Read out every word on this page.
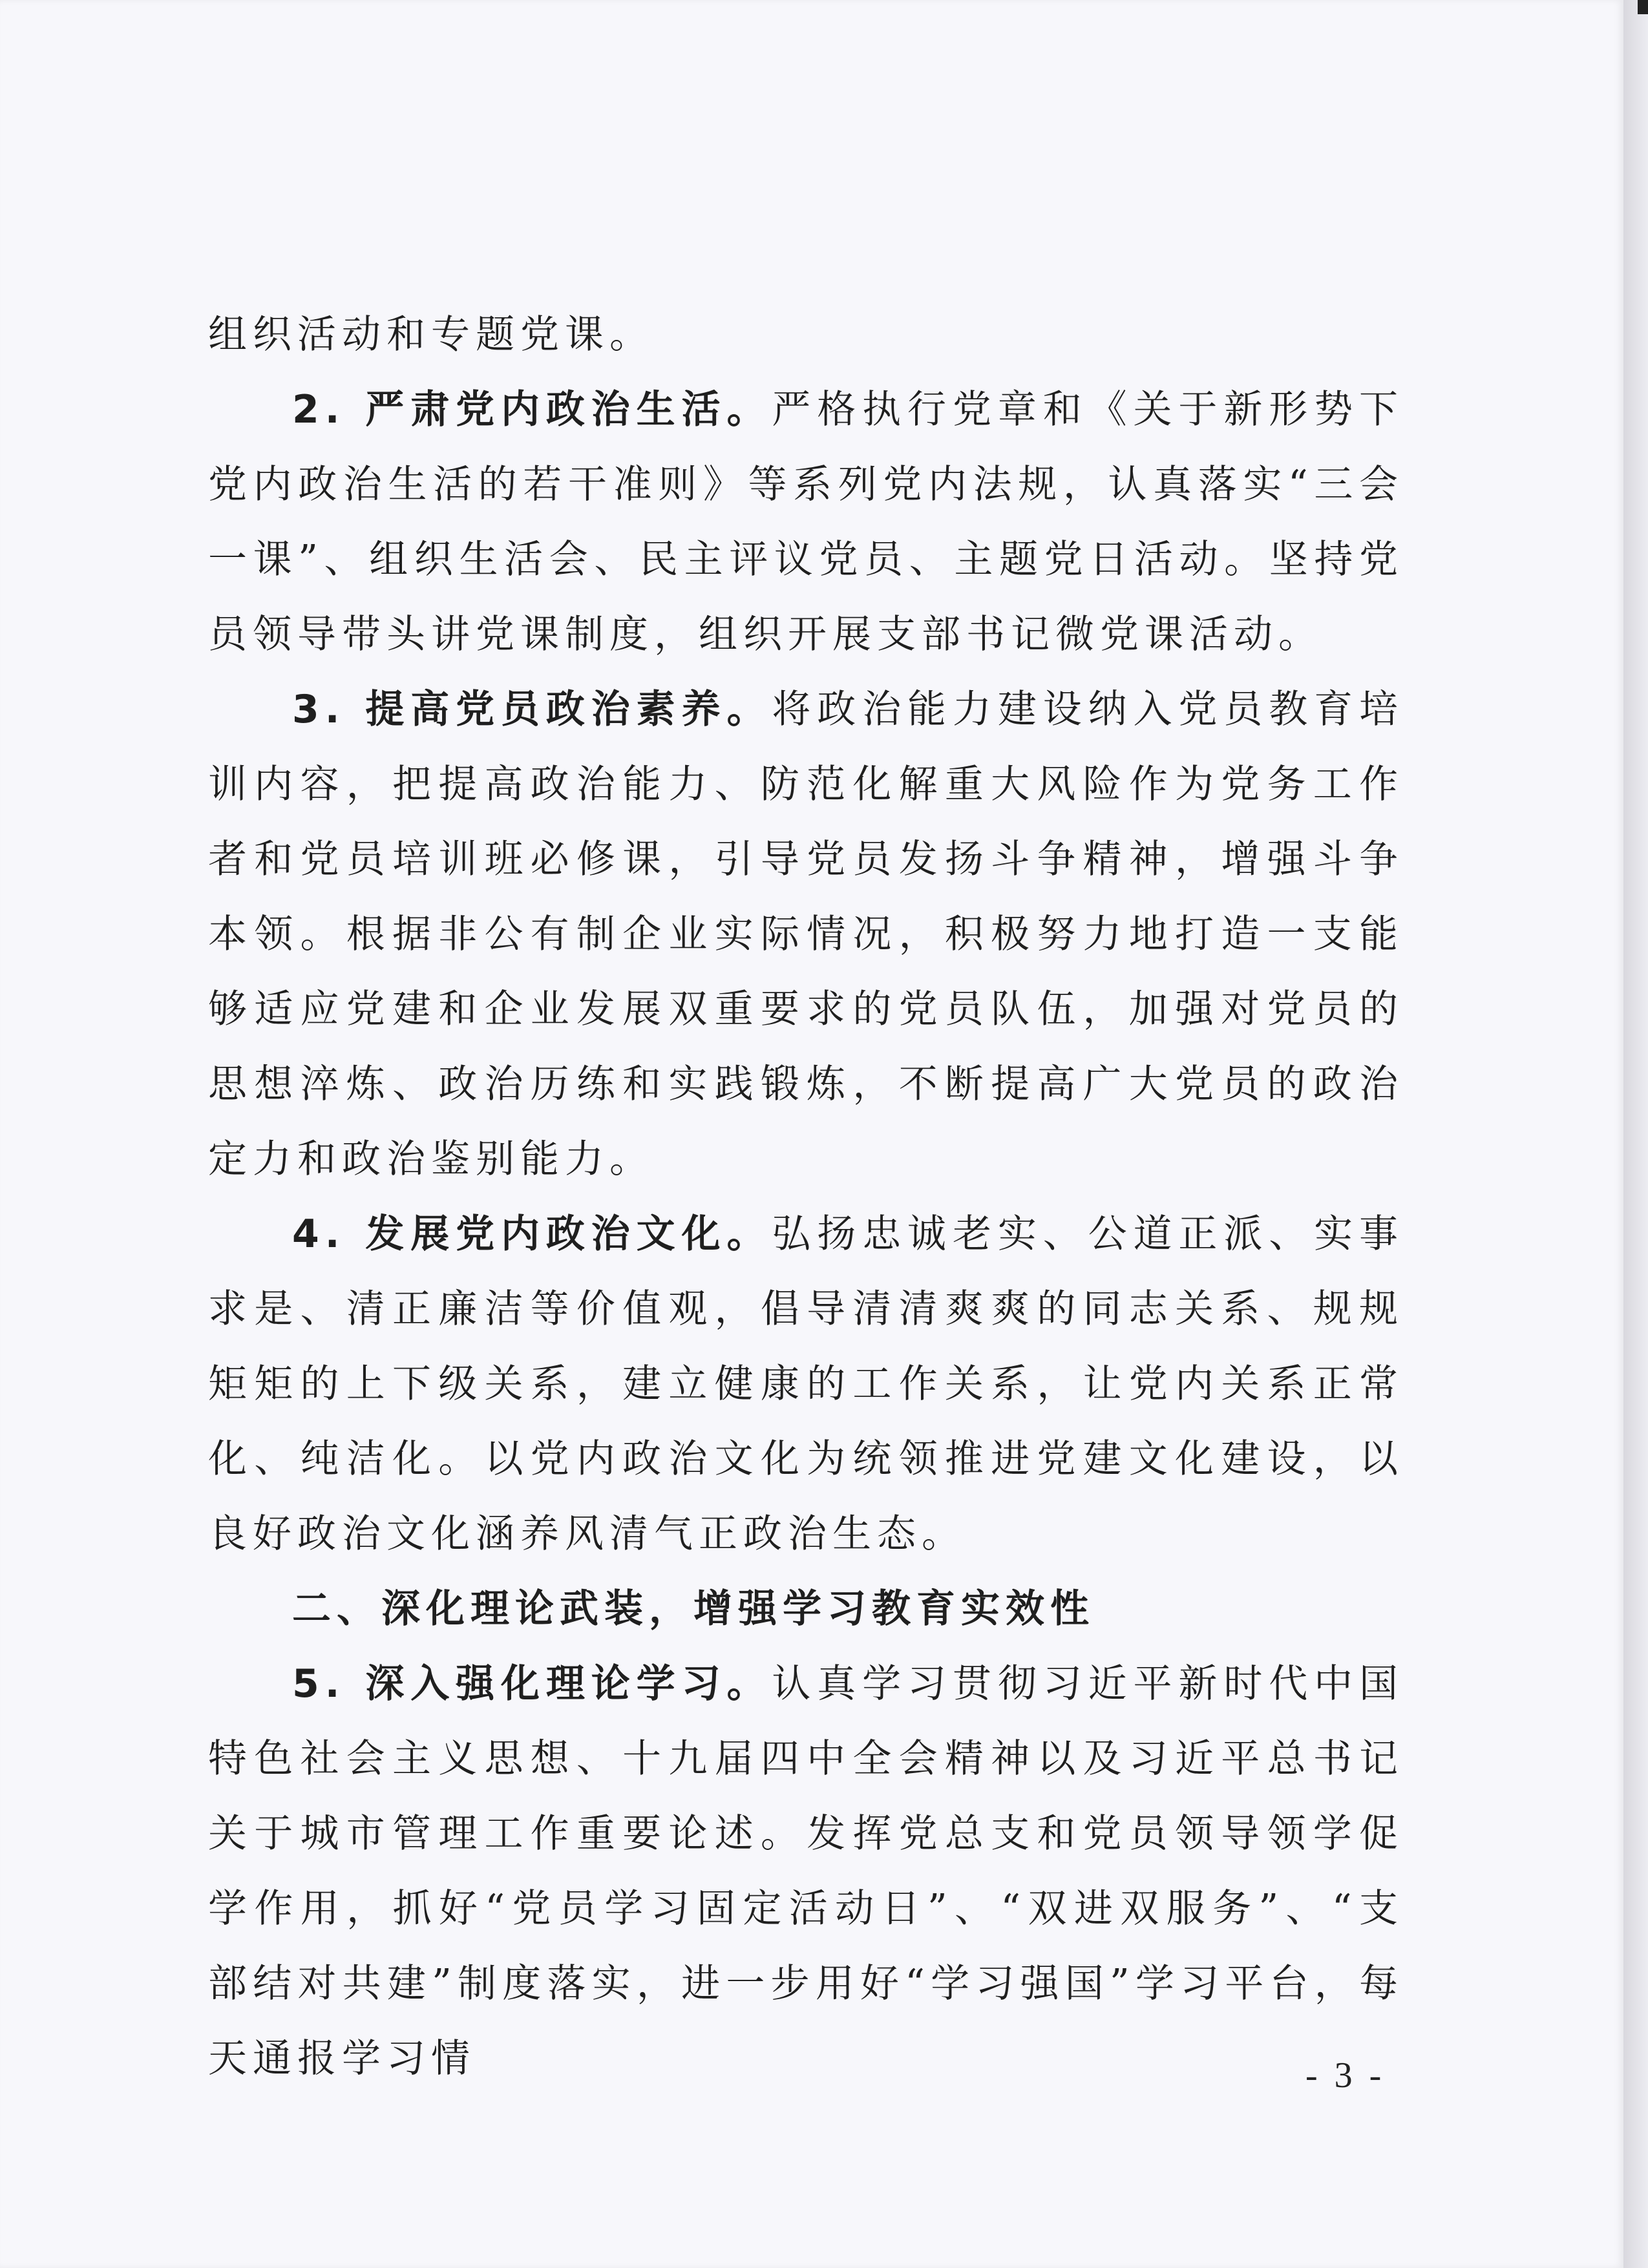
组织活动和专题党课。

2. 严肃党内政治生活。严格执行党章和《关于新形势下党内政治生活的若干准则》等系列党内法规，认真落实“三会一课”、组织生活会、民主评议党员、主题党日活动。坚持党员领导带头讲党课制度，组织开展支部书记微党课活动。

3. 提高党员政治素养。将政治能力建设纳入党员教育培训内容，把提高政治能力、防范化解重大风险作为党务工作者和党员培训班必修课，引导党员发扬斗争精神，增强斗争本领。根据非公有制企业实际情况，积极努力地打造一支能够适应党建和企业发展双重要求的党员队伍，加强对党员的思想淬炼、政治历练和实践锻炼，不断提高广大党员的政治定力和政治鉴别能力。

4. 发展党内政治文化。弘扬忠诚老实、公道正派、实事求是、清正廉洁等价值观，倡导清清爽爽的同志关系、规规矩矩的上下级关系，建立健康的工作关系，让党内关系正常化、纯洁化。以党内政治文化为统领推进党建文化建设，以良好政治文化涵养风清气正政治生态。

二、深化理论武装，增强学习教育实效性

5. 深入强化理论学习。认真学习贯彻习近平新时代中国特色社会主义思想、十九届四中全会精神以及习近平总书记关于城市管理工作重要论述。发挥党总支和党员领导领学促学作用，抓好“党员学习固定活动日”、“双进双服务”、“支部结对共建”制度落实，进一步用好“学习强国”学习平台，每天通报学习情	- 3 -
